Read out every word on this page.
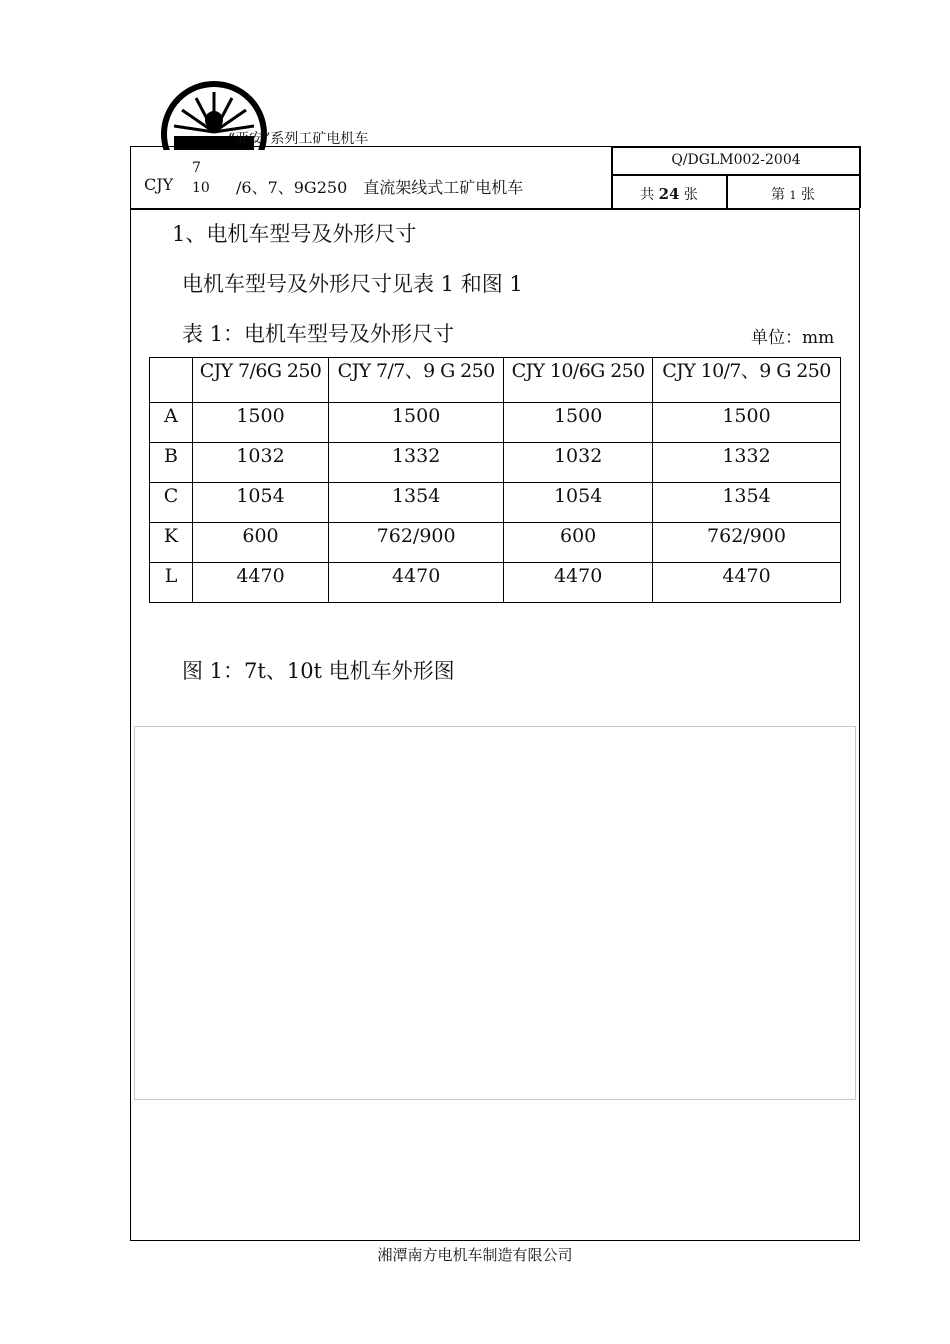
“亚安”系列工矿电机车
CJY
7
10 /6、7、9G250　直流架线式工矿电机车
Q/DGLM002-2004
共 24 张	第 1 张
1、电机车型号及外形尺寸
电机车型号及外形尺寸见表 1 和图 1
表 1：电机车型号及外形尺寸	单位：mm
	CJY 7/6G 250	CJY 7/7、9 G 250	CJY 10/6G 250	CJY 10/7、9 G 250
A	1500	1500	1500	1500
B	1032	1332	1032	1332
C	1054	1354	1054	1354
K	600	762/900	600	762/900
L	4470	4470	4470	4470
图 1：7t、10t 电机车外形图
湘潭南方电机车制造有限公司
